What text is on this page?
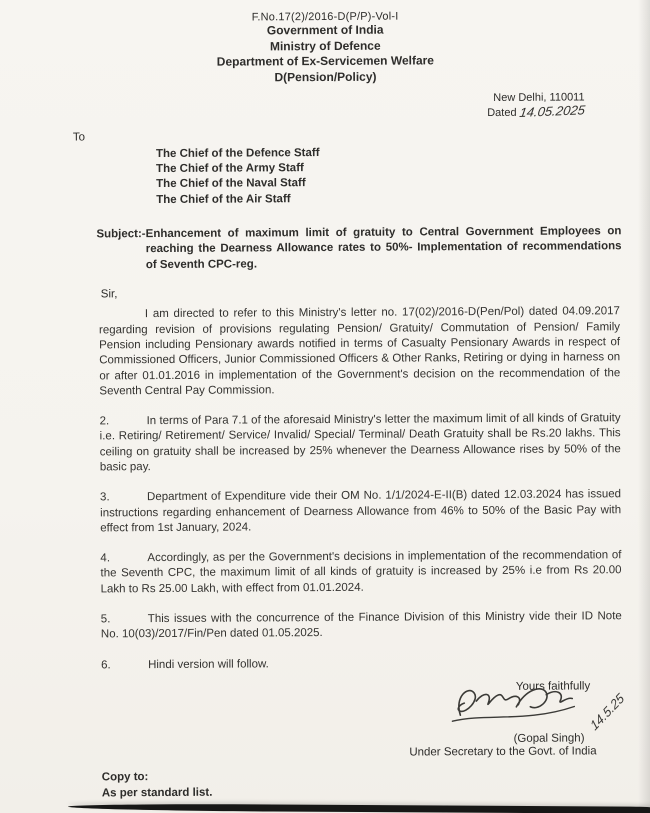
F.No.17(2)/2016-D(P/P)-Vol-I
Government of India
Ministry of Defence
Department of Ex-Servicemen Welfare
D(Pension/Policy)
New Delhi, 110011
Dated 14.05.2025
To
The Chief of the Defence Staff
The Chief of the Army Staff
The Chief of the Naval Staff
The Chief of the Air Staff
Subject:- Enhancement of maximum limit of gratuity to Central Government Employees on reaching the Dearness Allowance rates to 50%- Implementation of recommendations of Seventh CPC-reg.
Sir,
I am directed to refer to this Ministry's letter no. 17(02)/2016-D(Pen/Pol) dated 04.09.2017 regarding revision of provisions regulating Pension/ Gratuity/ Commutation of Pension/ Family Pension including Pensionary awards notified in terms of Casualty Pensionary Awards in respect of Commissioned Officers, Junior Commissioned Officers & Other Ranks, Retiring or dying in harness on or after 01.01.2016 in implementation of the Government's decision on the recommendation of the Seventh Central Pay Commission.
2.	In terms of Para 7.1 of the aforesaid Ministry's letter the maximum limit of all kinds of Gratuity i.e. Retiring/ Retirement/ Service/ Invalid/ Special/ Terminal/ Death Gratuity shall be Rs.20 lakhs. This ceiling on gratuity shall be increased by 25% whenever the Dearness Allowance rises by 50% of the basic pay.
3.	Department of Expenditure vide their OM No. 1/1/2024-E-II(B) dated 12.03.2024 has issued instructions regarding enhancement of Dearness Allowance from 46% to 50% of the Basic Pay with effect from 1st January, 2024.
4.	Accordingly, as per the Government's decisions in implementation of the recommendation of the Seventh CPC, the maximum limit of all kinds of gratuity is increased by 25% i.e from Rs 20.00 Lakh to Rs 25.00 Lakh, with effect from 01.01.2024.
5.	This issues with the concurrence of the Finance Division of this Ministry vide their ID Note No. 10(03)/2017/Fin/Pen dated 01.05.2025.
6.	Hindi version will follow.
Yours faithfully
14.5.25
(Gopal Singh)
Under Secretary to the Govt. of India
Copy to:
As per standard list.
